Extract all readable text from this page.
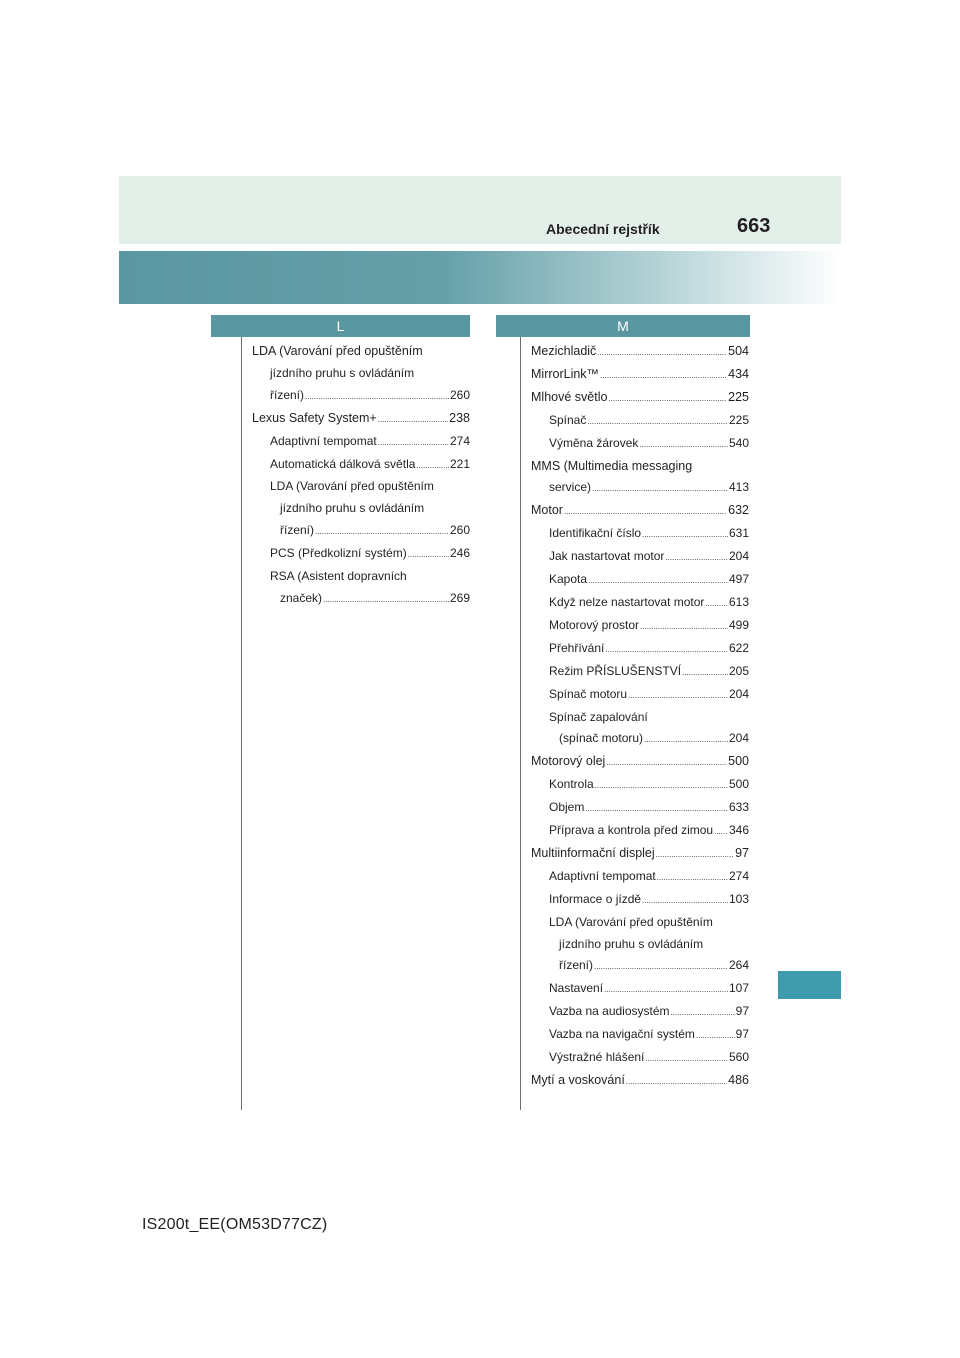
Abecední rejstřík	663
L	M
LDA (Varování před opuštěním
jízdního pruhu s ovládáním
řízení) .....	260
Lexus Safety System+ .....	238
Adaptivní tempomat .....	274
Automatická dálková světla .....	221
LDA (Varování před opuštěním
jízdního pruhu s ovládáním
řízení) .....	260
PCS (Předkolizní systém) .....	246
RSA (Asistent dopravních
značek) .....	269
Mezichladič .....	504
MirrorLink™ .....	434
Mlhové světlo .....	225
Spínač .....	225
Výměna žárovek .....	540
MMS (Multimedia messaging
service) .....	413
Motor .....	632
Identifikační číslo .....	631
Jak nastartovat motor .....	204
Kapota .....	497
Když nelze nastartovat motor ..... 613
Motorový prostor .....	499
Přehřívání .....	622
Režim PŘÍSLUŠENSTVÍ .....	205
Spínač motoru .....	204
Spínač zapalování
(spínač motoru) .....	204
Motorový olej .....	500
Kontrola .....	500
Objem .....	633
Příprava a kontrola před zimou ..... 346
Multiinformační displej .....	97
Adaptivní tempomat .....	274
Informace o jízdě .....	103
LDA (Varování před opuštěním
jízdního pruhu s ovládáním
řízení) .....	264
Nastavení .....	107
Vazba na audiosystém .....	97
Vazba na navigační systém .....	97
Výstražné hlášení .....	560
Mytí a voskování .....	486
IS200t_EE(OM53D77CZ)
